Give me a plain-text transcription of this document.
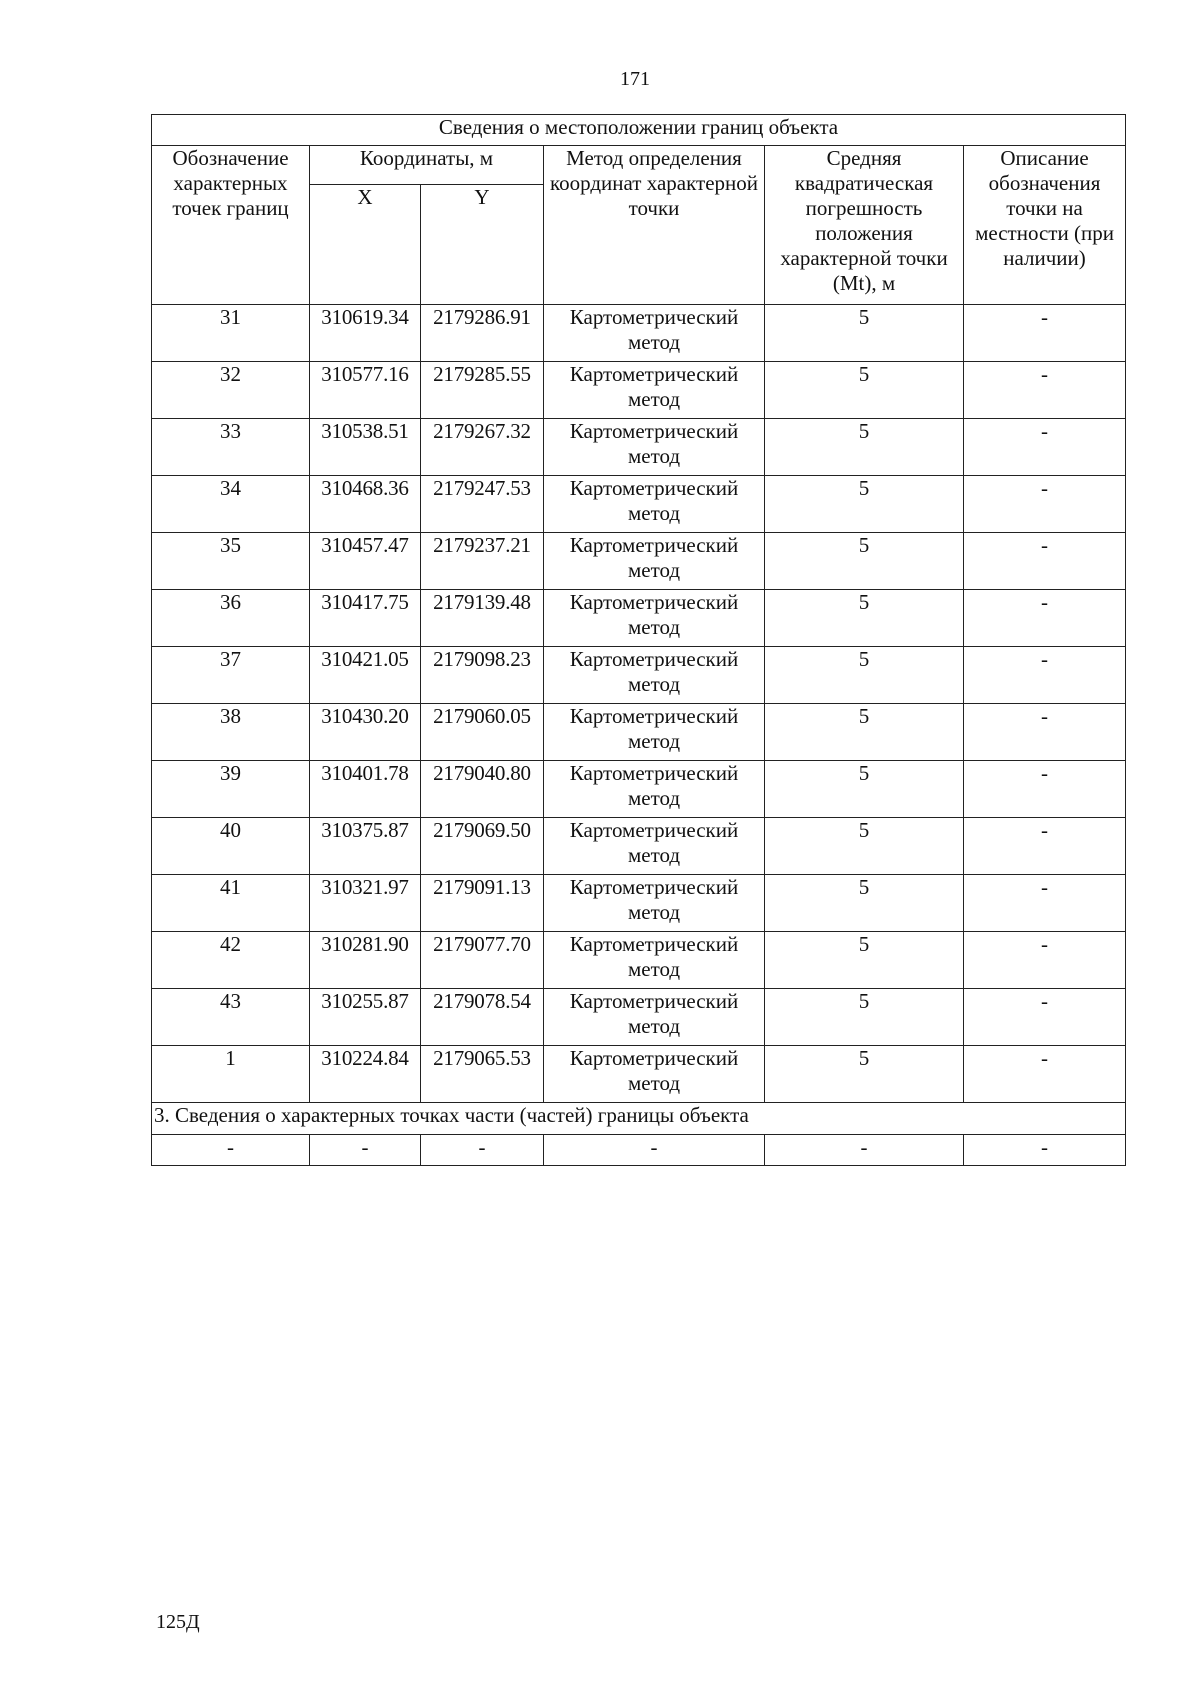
171
Сведения о местоположении границ объекта					
Обозначение характерных точек границ	Координаты, м		Метод определения координат характерной точки	Средняя квадратическая погрешность положения характерной точки (Mt), м	Описание обозначения точки на местности (при наличии)
	X	Y			
31	310619.34	2179286.91	Картометрический метод	5	-
32	310577.16	2179285.55	Картометрический метод	5	-
33	310538.51	2179267.32	Картометрический метод	5	-
34	310468.36	2179247.53	Картометрический метод	5	-
35	310457.47	2179237.21	Картометрический метод	5	-
36	310417.75	2179139.48	Картометрический метод	5	-
37	310421.05	2179098.23	Картометрический метод	5	-
38	310430.20	2179060.05	Картометрический метод	5	-
39	310401.78	2179040.80	Картометрический метод	5	-
40	310375.87	2179069.50	Картометрический метод	5	-
41	310321.97	2179091.13	Картометрический метод	5	-
42	310281.90	2179077.70	Картометрический метод	5	-
43	310255.87	2179078.54	Картометрический метод	5	-
1	310224.84	2179065.53	Картометрический метод	5	-
3. Сведения о характерных точках части (частей) границы объекта					
-	-	-	-	-	-
125Д
